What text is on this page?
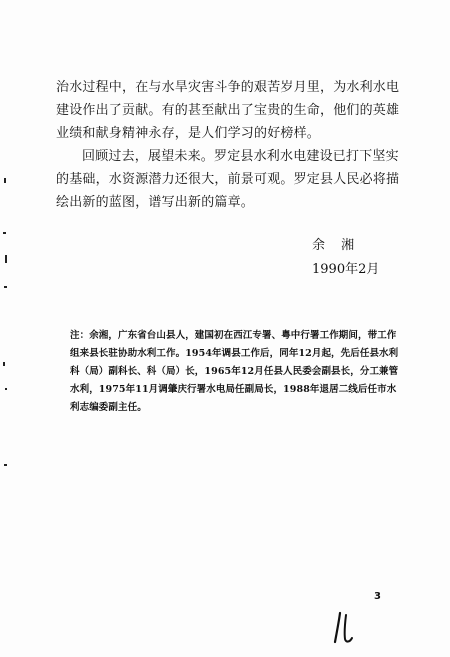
治水过程中，在与水旱灾害斗争的艰苦岁月里，为水利水电建设作出了贡献。有的甚至献出了宝贵的生命，他们的英雄业绩和献身精神永存，是人们学习的好榜样。

回顾过去，展望未来。罗定县水利水电建设已打下坚实的基础，水资源潜力还很大，前景可观。罗定县人民必将描绘出新的蓝图，谱写出新的篇章。

余 湘
1990年2月
注：余湘，广东省台山县人，建国初在西江专署、粤中行署工作期间，带工作组来县长驻协助水利工作。1954年调县工作后，同年12月起，先后任县水利科（局）副科长、科（局）长，1965年12月任县人民委会副县长，分工兼管水利，1975年11月调肇庆行署水电局任副局长，1988年退居二线后任市水利志编委副主任。
3
